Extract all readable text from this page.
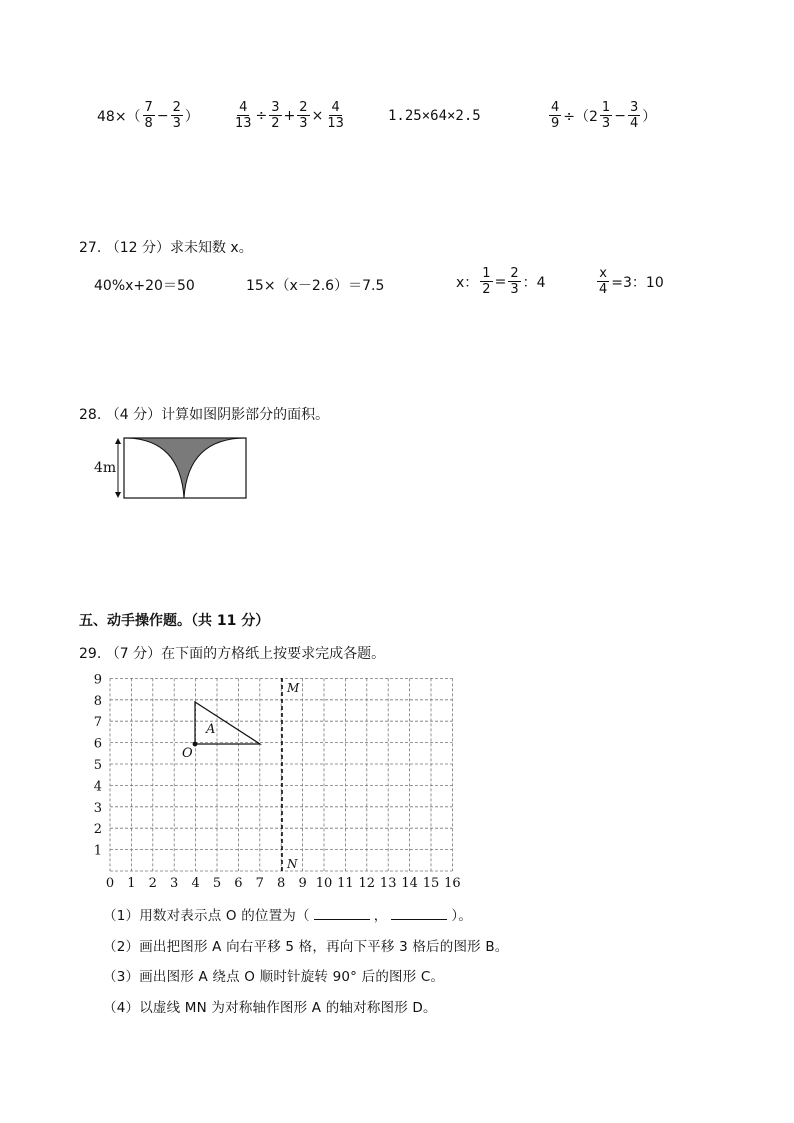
$48\times( \frac{7}{8} - \frac{2}{3}$ ）	$\frac{4}{13} \div \frac{3}{2} + \frac{2}{3} \times \frac{4}{13}$	1.25×64×2.5	$\frac{4}{9} \div(2 \frac{1}{3} - \frac{3}{4}$ ）
27. （12 分）求未知数 x。
40%x+20＝50	15×（x－2.6）＝7.5	x： $\frac{1}{2} = \frac{2}{3}$ ：4	$\frac{x}{4} =3$：10
28. （4 分）计算如图阴影部分的面积。
4m
五、动手操作题。（共 11 分）
29. （7 分）在下面的方格纸上按要求完成各题。
0 1 2 3 4 5 6 7 8 9 10 11 12 13 14 15 16
1
2
3
4
5
6
7
8
9
A
O
M
N
（1）用数对表示点 O 的位置为（	，	）。
（2）画出把图形 A 向右平移 5 格，再向下平移 3 格后的图形 B。
（3）画出图形 A 绕点 O 顺时针旋转 90° 后的图形 C。
（4）以虚线 MN 为对称轴作图形 A 的轴对称图形 D。
